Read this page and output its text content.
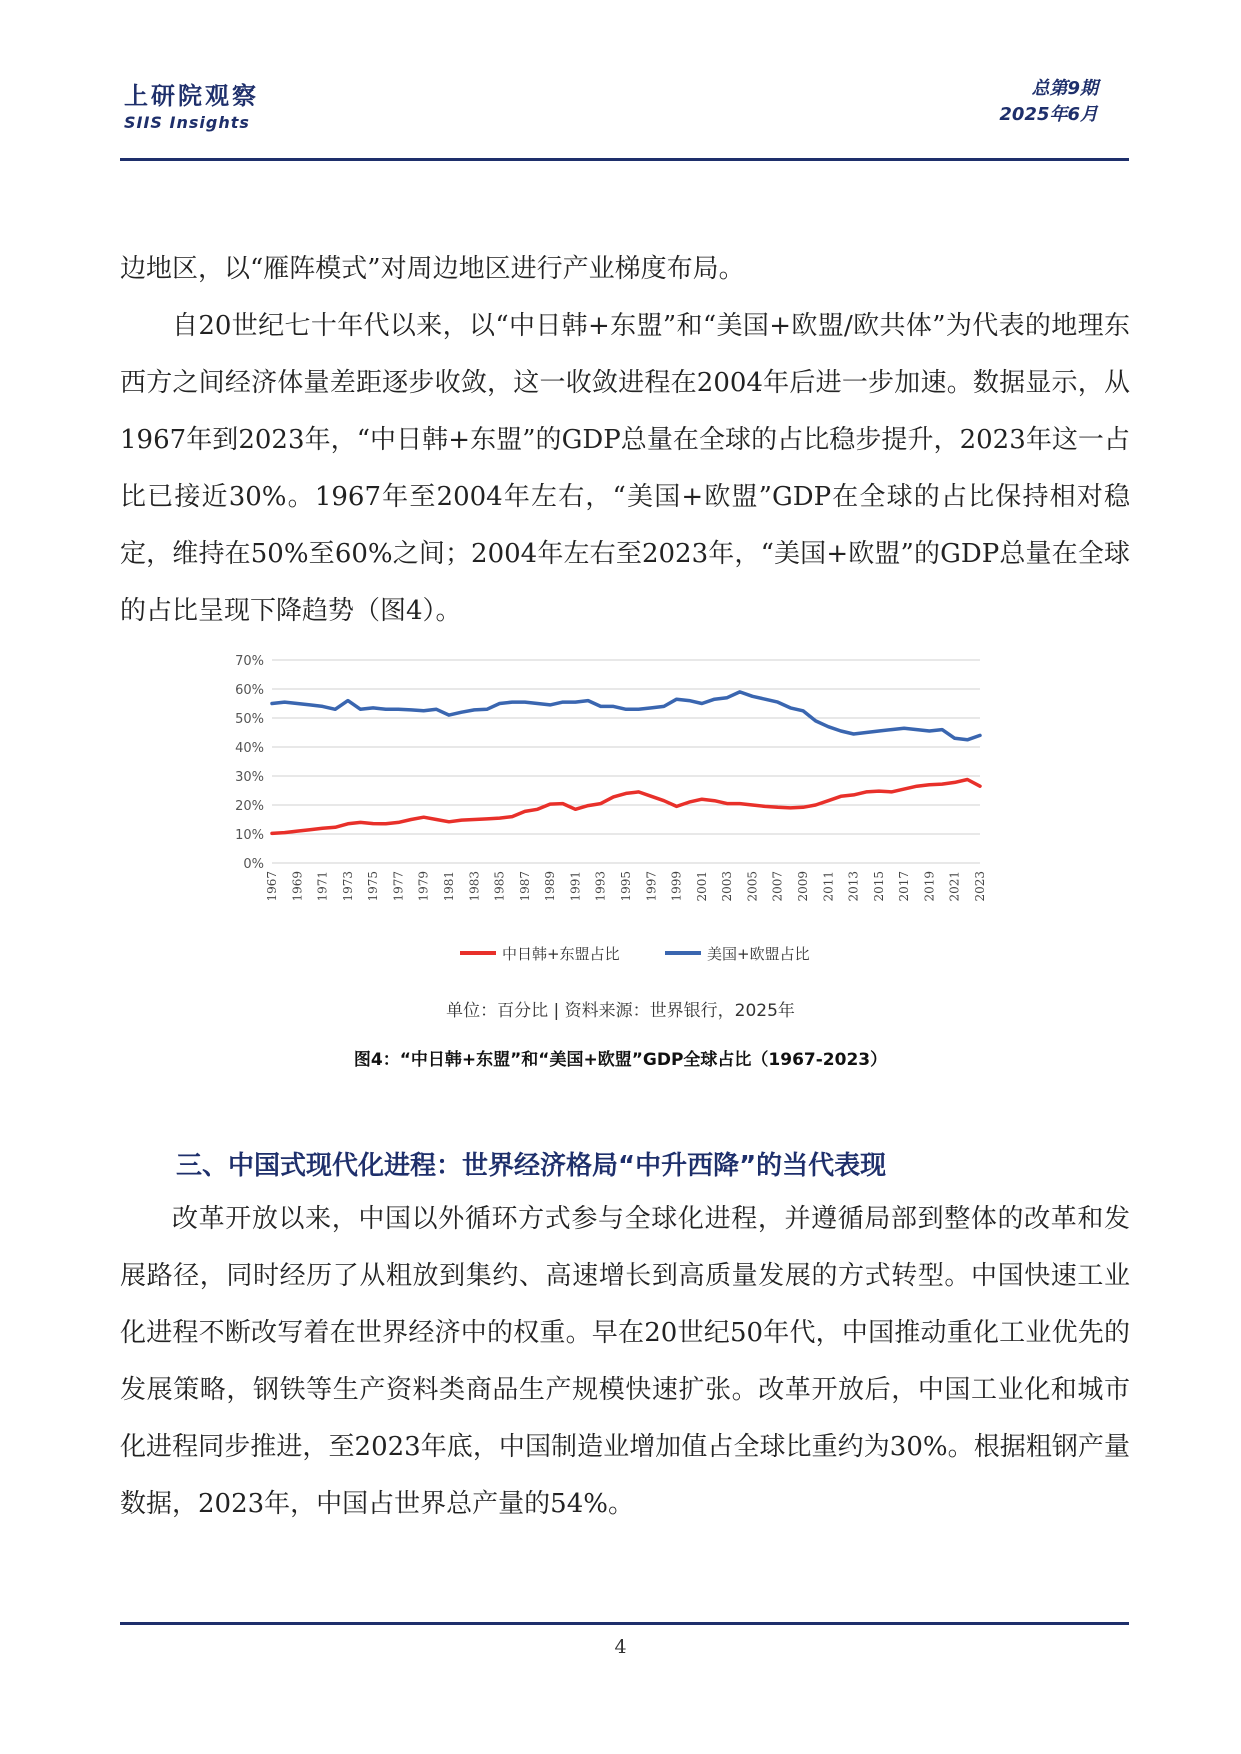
上研院观察
SIIS Insights
总第9期
2025年6月

边地区，以“雁阵模式”对周边地区进行产业梯度布局。

自20世纪七十年代以来，以“中日韩+东盟”和“美国+欧盟/欧共体”为代表的地理东西方之间经济体量差距逐步收敛，这一收敛进程在2004年后进一步加速。数据显示，从1967年到2023年，“中日韩+东盟”的GDP总量在全球的占比稳步提升，2023年这一占比已接近30%。1967年至2004年左右，“美国+欧盟”GDP在全球的占比保持相对稳定，维持在50%至60%之间；2004年左右至2023年，“美国+欧盟”的GDP总量在全球的占比呈现下降趋势（图4）。

0%
10%
20%
30%
40%
50%
60%
70%
1967 1969 1971 1973 1975 1977 1979 1981 1983 1985 1987 1989 1991 1993 1995 1997 1999 2001 2003 2005 2007 2009 2011 2013 2015 2017 2019 2021 2023
中日韩+东盟占比	美国+欧盟占比
单位：百分比 | 资料来源：世界银行，2025年
图4：“中日韩+东盟”和“美国+欧盟”GDP全球占比（1967-2023）
三、中国式现代化进程：世界经济格局“中升西降”的当代表现

改革开放以来，中国以外循环方式参与全球化进程，并遵循局部到整体的改革和发展路径，同时经历了从粗放到集约、高速增长到高质量发展的方式转型。中国快速工业化进程不断改写着在世界经济中的权重。早在20世纪50年代，中国推动重化工业优先的发展策略，钢铁等生产资料类商品生产规模快速扩张。改革开放后，中国工业化和城市化进程同步推进，至2023年底，中国制造业增加值占全球比重约为30%。根据粗钢产量数据，2023年，中国占世界总产量的54%。

4
